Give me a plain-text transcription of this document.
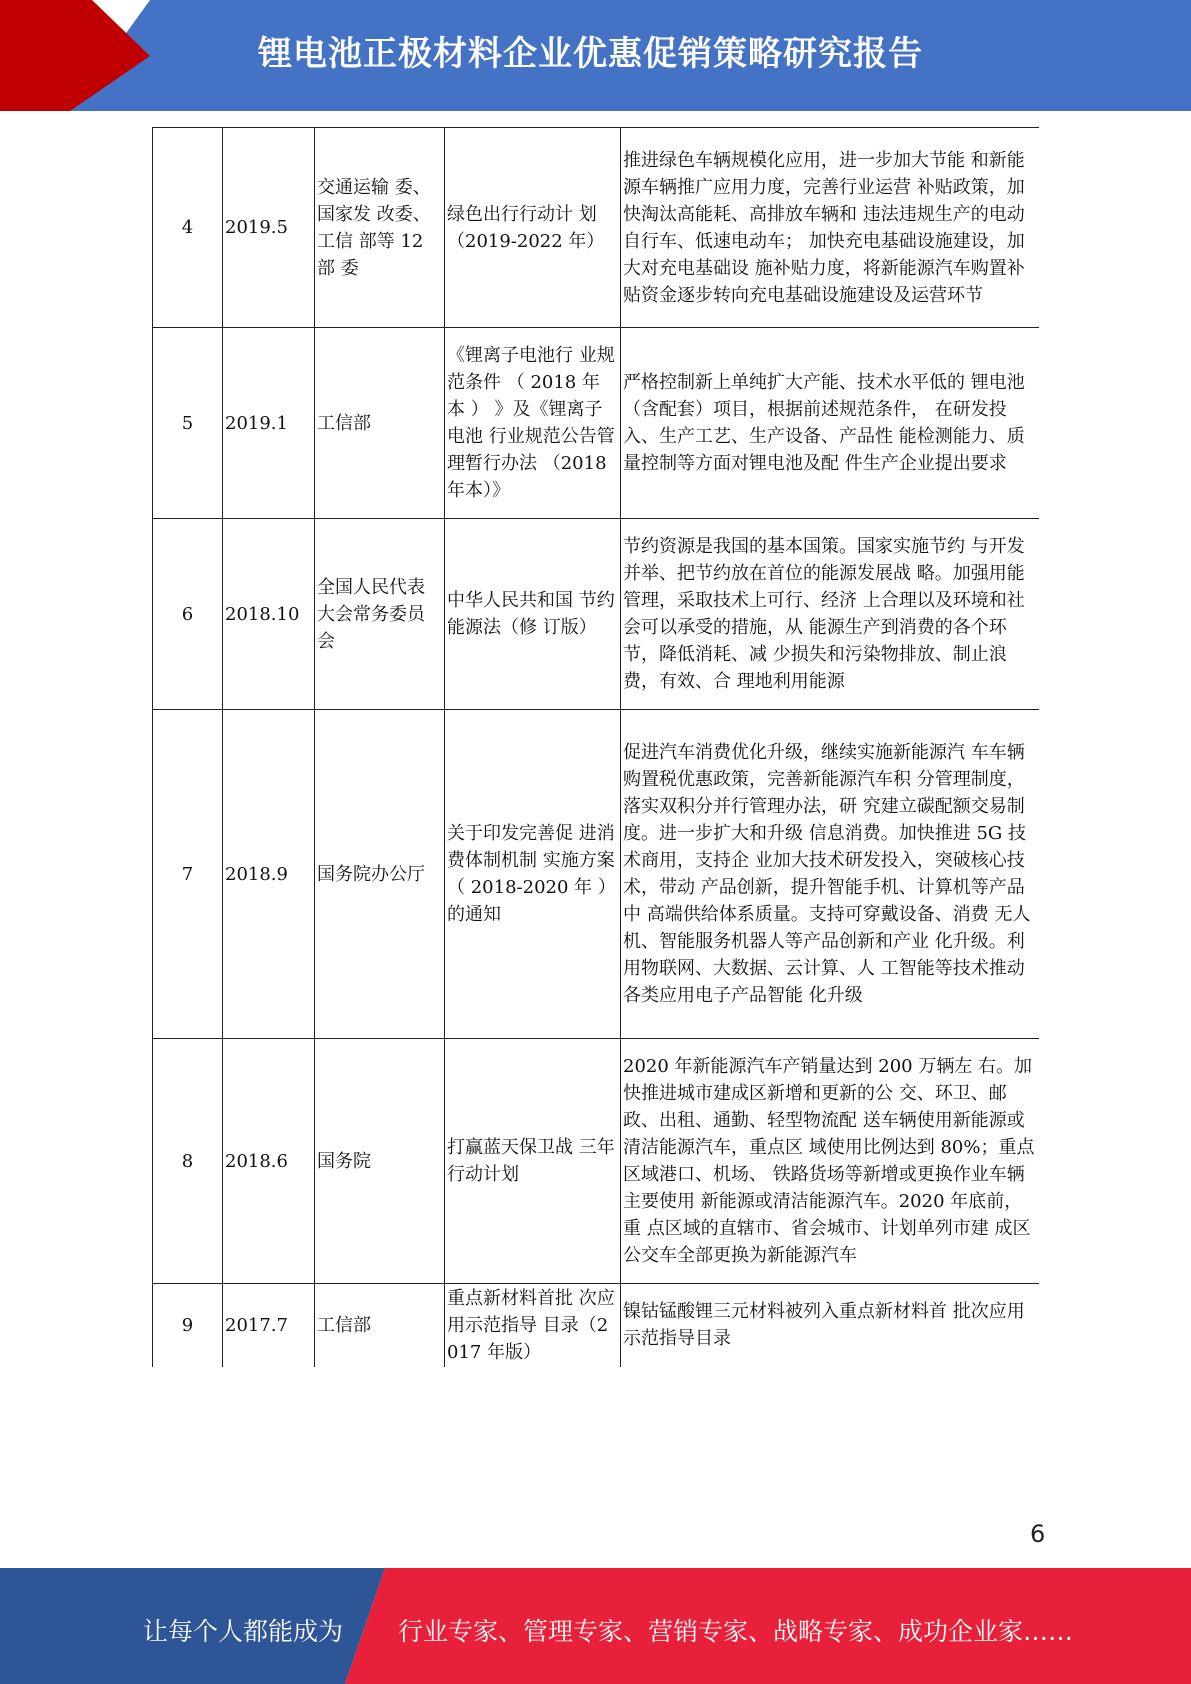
锂电池正极材料企业优惠促销策略研究报告
4	2019.5	交通运输 委、国家发 改委、工信 部等 12 部 委	绿色出行行动计 划（2019-2022 年）	推进绿色车辆规模化应用，进一步加大节能 和新能源车辆推广应用力度，完善行业运营 补贴政策，加快淘汰高能耗、高排放车辆和 违法违规生产的电动自行车、低速电动车； 加快充电基础设施建设，加大对充电基础设 施补贴力度，将新能源汽车购置补贴资金逐步转向充电基础设施建设及运营环节
5	2019.1	工信部	《锂离子电池行 业规范条件 （ 2018 年 本 ） 》及《锂离子电池 行业规范公告管 理暂行办法 （2018 年本）》	严格控制新上单纯扩大产能、技术水平低的 锂电池（含配套）项目，根据前述规范条件， 在研发投入、生产工艺、生产设备、产品性 能检测能力、质量控制等方面对锂电池及配 件生产企业提出要求
6	2018.10	全国人民代表大会常务委员会	中华人民共和国 节约能源法（修 订版）	节约资源是我国的基本国策。国家实施节约 与开发并举、把节约放在首位的能源发展战 略。加强用能管理，采取技术上可行、经济 上合理以及环境和社会可以承受的措施，从 能源生产到消费的各个环节，降低消耗、减 少损失和污染物排放、制止浪费，有效、合 理地利用能源
7	2018.9	国务院办公厅	关于印发完善促 进消费体制机制 实施方案 （ 2018-2020 年 ） 的通知	促进汽车消费优化升级，继续实施新能源汽 车车辆购置税优惠政策，完善新能源汽车积 分管理制度，落实双积分并行管理办法，研 究建立碳配额交易制度。进一步扩大和升级 信息消费。加快推进 5G 技术商用，支持企 业加大技术研发投入，突破核心技术，带动 产品创新，提升智能手机、计算机等产品中 高端供给体系质量。支持可穿戴设备、消费 无人机、智能服务机器人等产品创新和产业 化升级。利用物联网、大数据、云计算、人 工智能等技术推动各类应用电子产品智能 化升级
8	2018.6	国务院	打赢蓝天保卫战 三年行动计划	2020 年新能源汽车产销量达到 200 万辆左 右。加快推进城市建成区新增和更新的公 交、环卫、邮政、出租、通勤、轻型物流配 送车辆使用新能源或清洁能源汽车，重点区 域使用比例达到 80%；重点区域港口、机场、 铁路货场等新增或更换作业车辆主要使用 新能源或清洁能源汽车。2020 年底前，重 点区域的直辖市、省会城市、计划单列市建 成区公交车全部更换为新能源汽车
9	2017.7	工信部	重点新材料首批 次应用示范指导 目录（2017 年版）	镍钴锰酸锂三元材料被列入重点新材料首 批次应用示范指导目录
6
让每个人都能成为 行业专家、管理专家、营销专家、战略专家、成功企业家……
